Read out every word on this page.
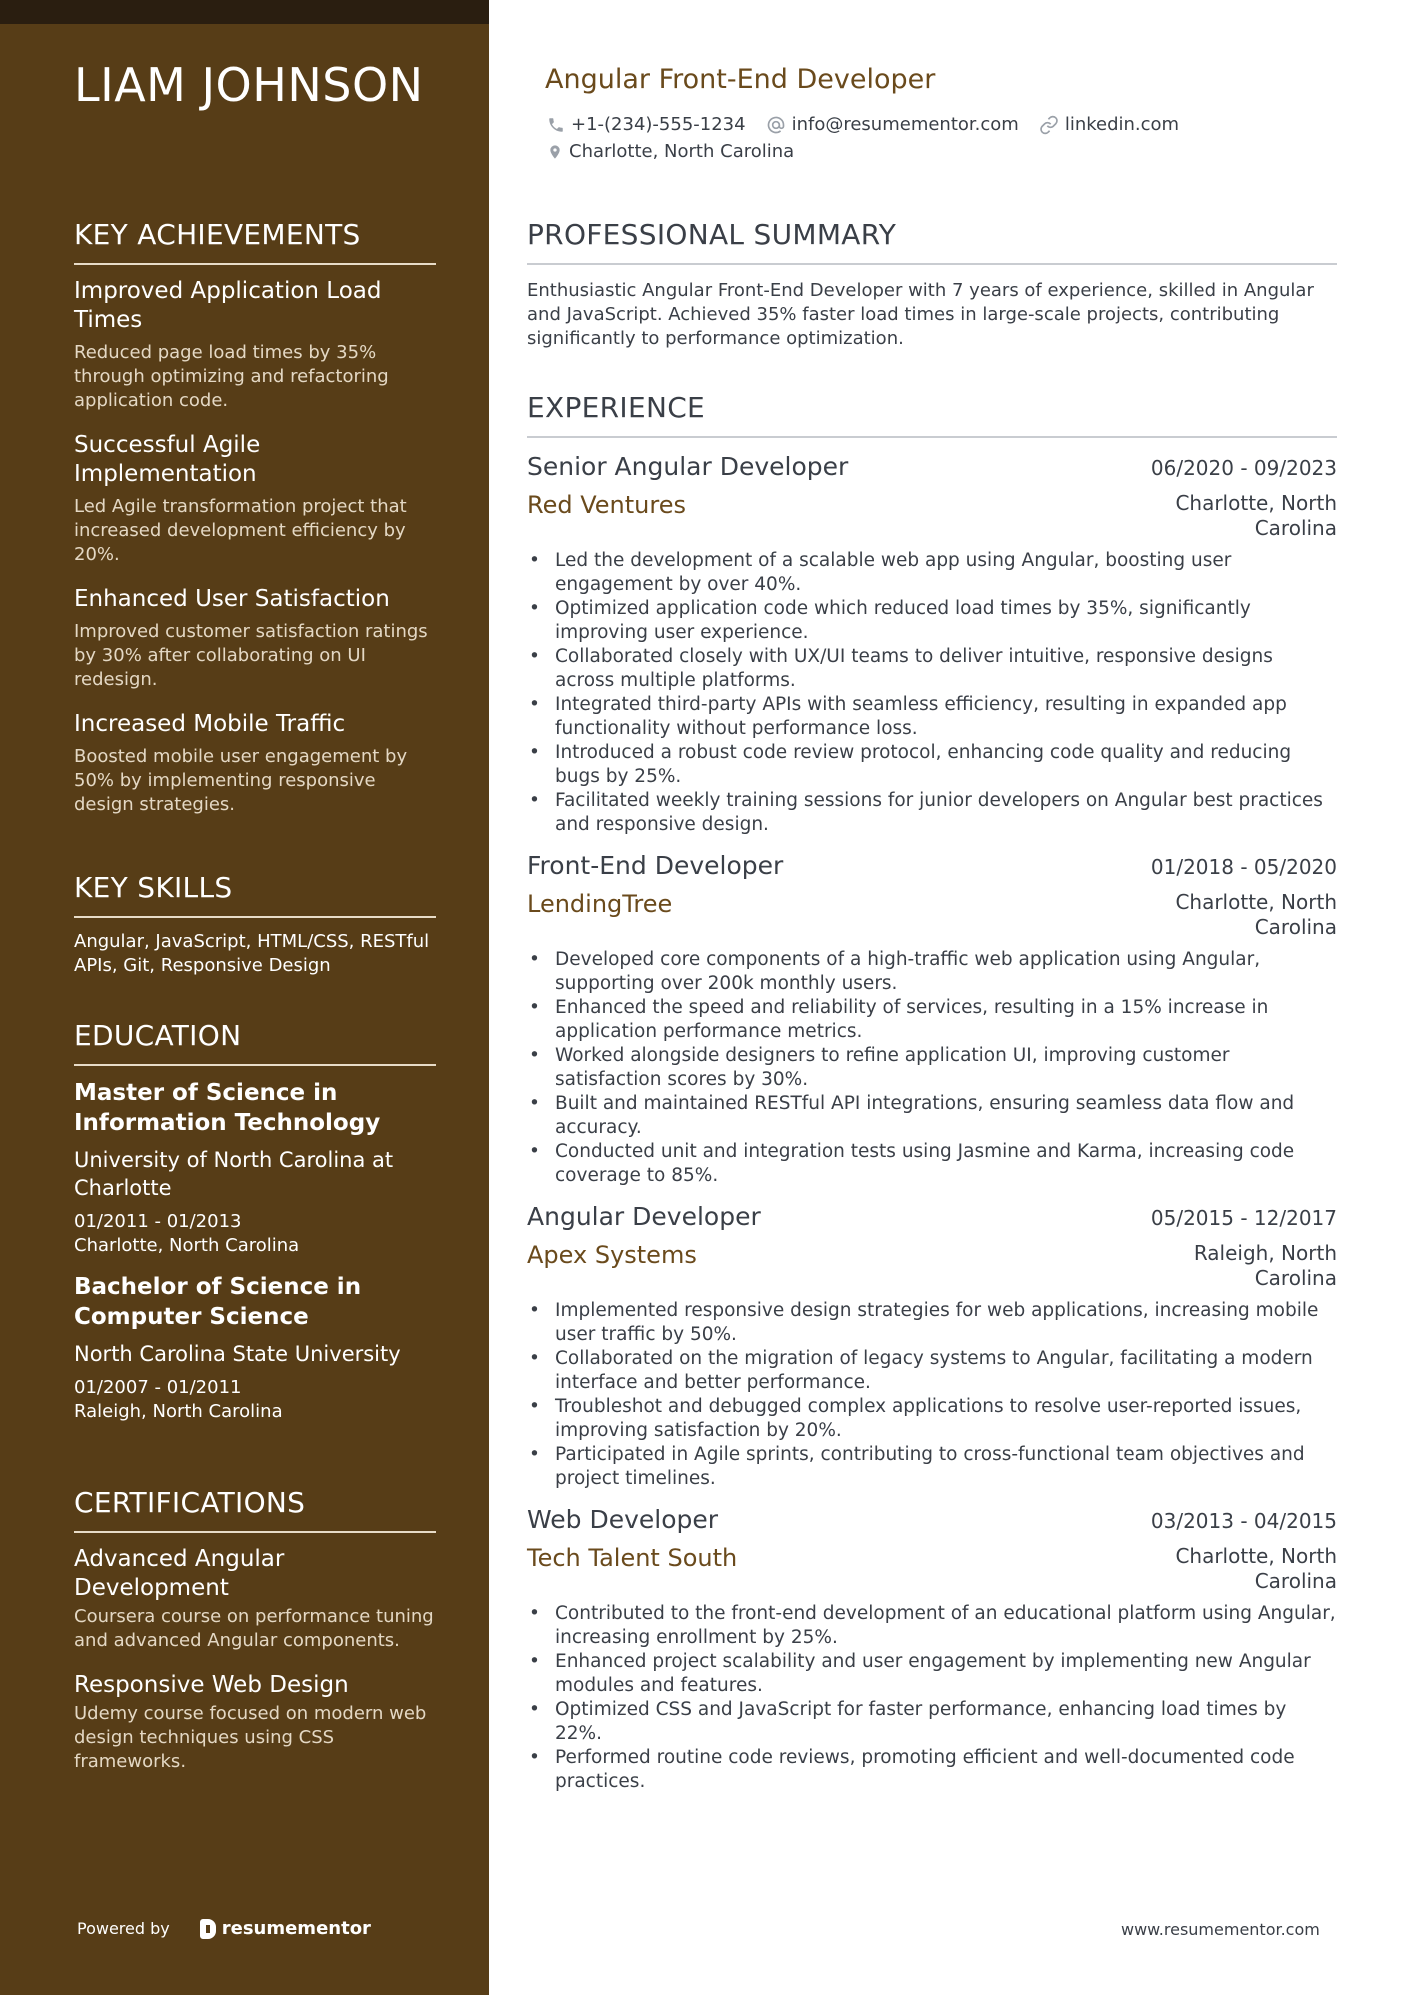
LIAM JOHNSON
KEY ACHIEVEMENTS
Improved Application Load Times
Reduced page load times by 35% through optimizing and refactoring application code.
Successful Agile Implementation
Led Agile transformation project that increased development efficiency by 20%.
Enhanced User Satisfaction
Improved customer satisfaction ratings by 30% after collaborating on UI redesign.
Increased Mobile Traffic
Boosted mobile user engagement by 50% by implementing responsive design strategies.
KEY SKILLS
Angular, JavaScript, HTML/CSS, RESTful APIs, Git, Responsive Design
EDUCATION
Master of Science in Information Technology
University of North Carolina at Charlotte
01/2011 - 01/2013
Charlotte, North Carolina
Bachelor of Science in Computer Science
North Carolina State University
01/2007 - 01/2011
Raleigh, North Carolina
CERTIFICATIONS
Advanced Angular Development
Coursera course on performance tuning and advanced Angular components.
Responsive Web Design
Udemy course focused on modern web design techniques using CSS frameworks.
Powered by	resumementor
Angular Front-End Developer
+1-(234)-555-1234	info@resumementor.com	linkedin.com
Charlotte, North Carolina
PROFESSIONAL SUMMARY
Enthusiastic Angular Front-End Developer with 7 years of experience, skilled in Angular and JavaScript. Achieved 35% faster load times in large-scale projects, contributing significantly to performance optimization.
EXPERIENCE
Senior Angular Developer	06/2020 - 09/2023
Red Ventures	Charlotte, North Carolina
• Led the development of a scalable web app using Angular, boosting user engagement by over 40%.
• Optimized application code which reduced load times by 35%, significantly improving user experience.
• Collaborated closely with UX/UI teams to deliver intuitive, responsive designs across multiple platforms.
• Integrated third-party APIs with seamless efficiency, resulting in expanded app functionality without performance loss.
• Introduced a robust code review protocol, enhancing code quality and reducing bugs by 25%.
• Facilitated weekly training sessions for junior developers on Angular best practices and responsive design.
Front-End Developer	01/2018 - 05/2020
LendingTree	Charlotte, North Carolina
• Developed core components of a high-traffic web application using Angular, supporting over 200k monthly users.
• Enhanced the speed and reliability of services, resulting in a 15% increase in application performance metrics.
• Worked alongside designers to refine application UI, improving customer satisfaction scores by 30%.
• Built and maintained RESTful API integrations, ensuring seamless data flow and accuracy.
• Conducted unit and integration tests using Jasmine and Karma, increasing code coverage to 85%.
Angular Developer	05/2015 - 12/2017
Apex Systems	Raleigh, North Carolina
• Implemented responsive design strategies for web applications, increasing mobile user traffic by 50%.
• Collaborated on the migration of legacy systems to Angular, facilitating a modern interface and better performance.
• Troubleshot and debugged complex applications to resolve user-reported issues, improving satisfaction by 20%.
• Participated in Agile sprints, contributing to cross-functional team objectives and project timelines.
Web Developer	03/2013 - 04/2015
Tech Talent South	Charlotte, North Carolina
• Contributed to the front-end development of an educational platform using Angular, increasing enrollment by 25%.
• Enhanced project scalability and user engagement by implementing new Angular modules and features.
• Optimized CSS and JavaScript for faster performance, enhancing load times by 22%.
• Performed routine code reviews, promoting efficient and well-documented code practices.
www.resumementor.com
